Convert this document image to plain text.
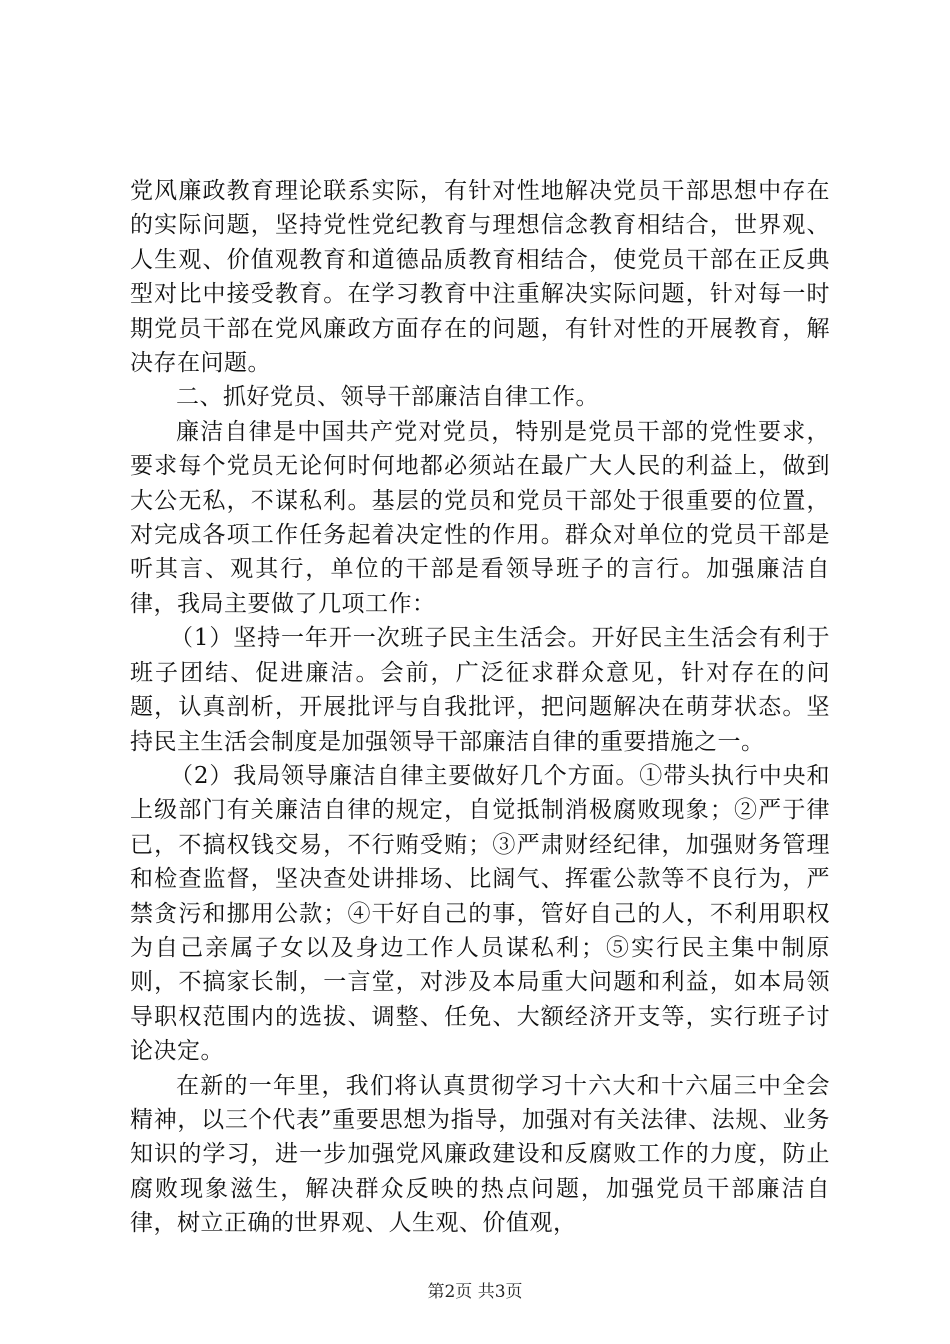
党风廉政教育理论联系实际，有针对性地解决党员干部思想中存在的实际问题，坚持党性党纪教育与理想信念教育相结合，世界观、人生观、价值观教育和道德品质教育相结合，使党员干部在正反典型对比中接受教育。在学习教育中注重解决实际问题，针对每一时期党员干部在党风廉政方面存在的问题，有针对性的开展教育，解决存在问题。

二、抓好党员、领导干部廉洁自律工作。

廉洁自律是中国共产党对党员，特别是党员干部的党性要求，要求每个党员无论何时何地都必须站在最广大人民的利益上，做到大公无私，不谋私利。基层的党员和党员干部处于很重要的位置，对完成各项工作任务起着决定性的作用。群众对单位的党员干部是听其言、观其行，单位的干部是看领导班子的言行。加强廉洁自律，我局主要做了几项工作：

（1）坚持一年开一次班子民主生活会。开好民主生活会有利于班子团结、促进廉洁。会前，广泛征求群众意见，针对存在的问题，认真剖析，开展批评与自我批评，把问题解决在萌芽状态。坚持民主生活会制度是加强领导干部廉洁自律的重要措施之一。

（2）我局领导廉洁自律主要做好几个方面。①带头执行中央和上级部门有关廉洁自律的规定，自觉抵制消极腐败现象；②严于律已，不搞权钱交易，不行贿受贿；③严肃财经纪律，加强财务管理和检查监督，坚决查处讲排场、比阔气、挥霍公款等不良行为，严禁贪污和挪用公款；④干好自己的事，管好自己的人，不利用职权为自己亲属子女以及身边工作人员谋私利；⑤实行民主集中制原则，不搞家长制，一言堂，对涉及本局重大问题和利益，如本局领导职权范围内的选拔、调整、任免、大额经济开支等，实行班子讨论决定。

在新的一年里，我们将认真贯彻学习十六大和十六届三中全会精神，以三个代表”重要思想为指导，加强对有关法律、法规、业务知识的学习，进一步加强党风廉政建设和反腐败工作的力度，防止腐败现象滋生，解决群众反映的热点问题，加强党员干部廉洁自律，树立正确的世界观、人生观、价值观，

第2页 共3页
